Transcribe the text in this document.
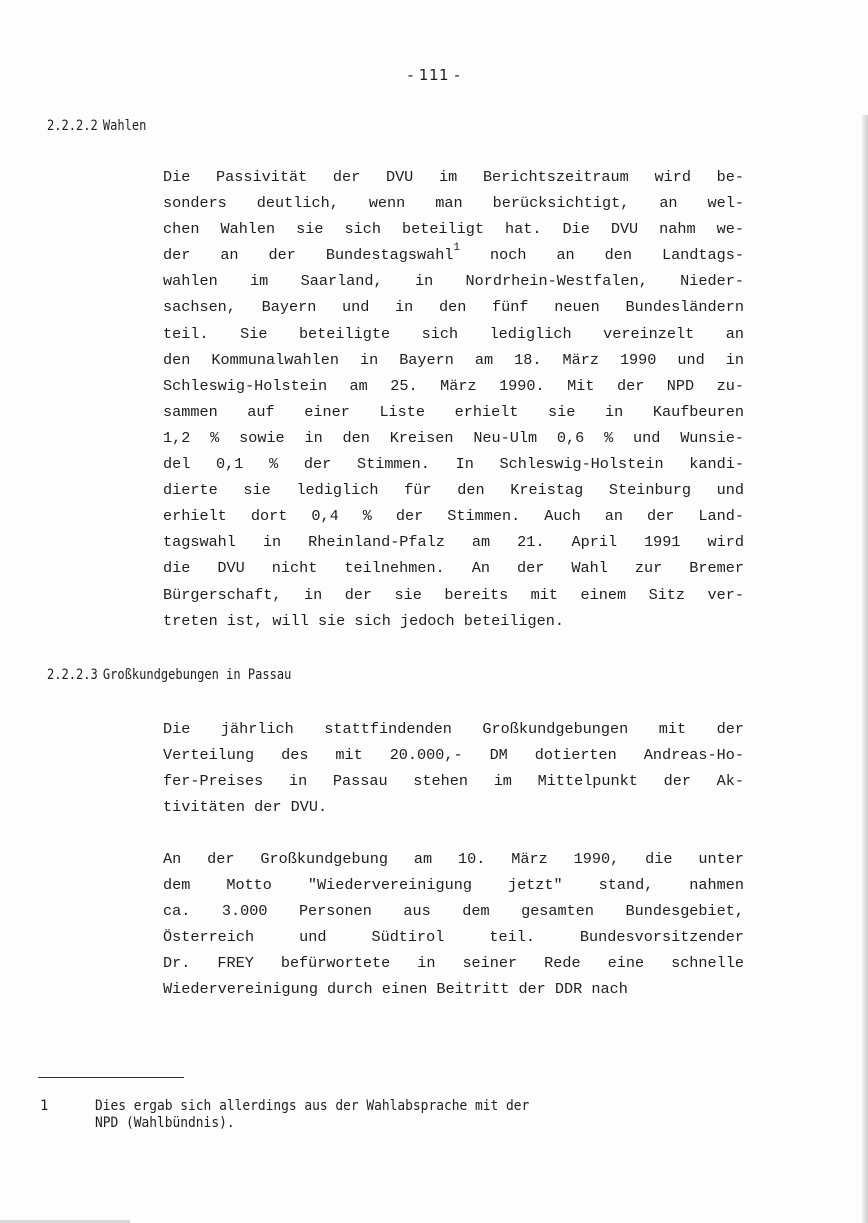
- 111 -
2.2.2.2 Wahlen
Die Passivität der DVU im Berichtszeitraum wird be-
sonders deutlich, wenn man berücksichtigt, an wel-
chen Wahlen sie sich beteiligt hat. Die DVU nahm we-
der an der Bundestagswahl$^1$ noch an den Landtags-
wahlen im Saarland, in Nordrhein-Westfalen, Nieder-
sachsen, Bayern und in den fünf neuen Bundesländern
teil. Sie beteiligte sich lediglich vereinzelt an
den Kommunalwahlen in Bayern am 18. März 1990 und in
Schleswig-Holstein am 25. März 1990. Mit der NPD zu-
sammen auf einer Liste erhielt sie in Kaufbeuren
1,2 % sowie in den Kreisen Neu-Ulm 0,6 % und Wunsie-
del 0,1 % der Stimmen. In Schleswig-Holstein kandi-
dierte sie lediglich für den Kreistag Steinburg und
erhielt dort 0,4 % der Stimmen. Auch an der Land-
tagswahl in Rheinland-Pfalz am 21. April 1991 wird
die DVU nicht teilnehmen. An der Wahl zur Bremer
Bürgerschaft, in der sie bereits mit einem Sitz ver-
treten ist, will sie sich jedoch beteiligen.
2.2.2.3 Großkundgebungen in Passau
Die jährlich stattfindenden Großkundgebungen mit der
Verteilung des mit 20.000,- DM dotierten Andreas-Ho-
fer-Preises in Passau stehen im Mittelpunkt der Ak-
tivitäten der DVU.
An der Großkundgebung am 10. März 1990, die unter
dem Motto "Wiedervereinigung jetzt" stand, nahmen
ca. 3.000 Personen aus dem gesamten Bundesgebiet,
Österreich und Südtirol teil. Bundesvorsitzender
Dr. FREY befürwortete in seiner Rede eine schnelle
Wiedervereinigung durch einen Beitritt der DDR nach
1	Dies ergab sich allerdings aus der Wahlabsprache mit der
NPD (Wahlbündnis).
